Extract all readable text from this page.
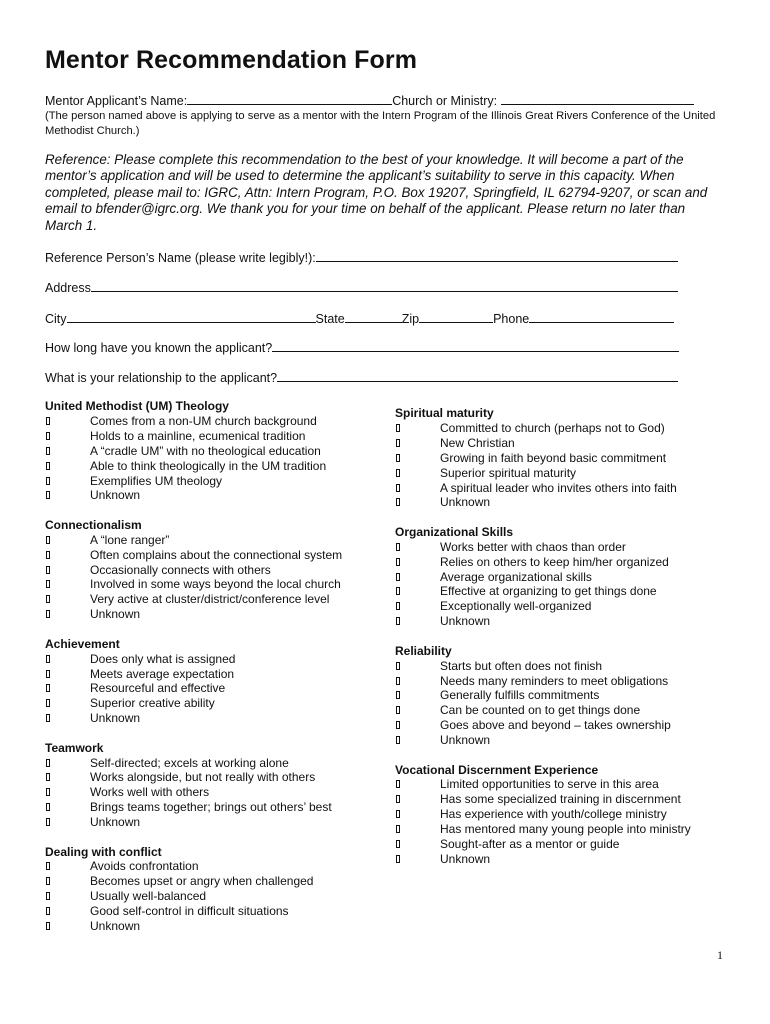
Mentor Recommendation Form
Mentor Applicant’s Name:	Church or Ministry:
(The person named above is applying to serve as a mentor with the Intern Program of the Illinois Great Rivers Conference of the United Methodist Church.)
Reference: Please complete this recommendation to the best of your knowledge. It will become a part of the mentor’s application and will be used to determine the applicant’s suitability to serve in this capacity. When completed, please mail to: IGRC, Attn: Intern Program, P.O. Box 19207, Springfield, IL 62794-9207, or scan and email to bfender@igrc.org. We thank you for your time on behalf of the applicant. Please return no later than March 1.
Reference Person’s Name (please write legibly!):
Address
City	State	Zip	Phone
How long have you known the applicant?
What is your relationship to the applicant?
United Methodist (UM) Theology
Comes from a non-UM church background
Holds to a mainline, ecumenical tradition
A “cradle UM” with no theological education
Able to think theologically in the UM tradition
Exemplifies UM theology
Unknown
Connectionalism
A “lone ranger”
Often complains about the connectional system
Occasionally connects with others
Involved in some ways beyond the local church
Very active at cluster/district/conference level
Unknown
Achievement
Does only what is assigned
Meets average expectation
Resourceful and effective
Superior creative ability
Unknown
Teamwork
Self-directed; excels at working alone
Works alongside, but not really with others
Works well with others
Brings teams together; brings out others’ best
Unknown
Dealing with conflict
Avoids confrontation
Becomes upset or angry when challenged
Usually well-balanced
Good self-control in difficult situations
Unknown
Spiritual maturity
Committed to church (perhaps not to God)
New Christian
Growing in faith beyond basic commitment
Superior spiritual maturity
A spiritual leader who invites others into faith
Unknown
Organizational Skills
Works better with chaos than order
Relies on others to keep him/her organized
Average organizational skills
Effective at organizing to get things done
Exceptionally well-organized
Unknown
Reliability
Starts but often does not finish
Needs many reminders to meet obligations
Generally fulfills commitments
Can be counted on to get things done
Goes above and beyond – takes ownership
Unknown
Vocational Discernment Experience
Limited opportunities to serve in this area
Has some specialized training in discernment
Has experience with youth/college ministry
Has mentored many young people into ministry
Sought-after as a mentor or guide
Unknown
1
